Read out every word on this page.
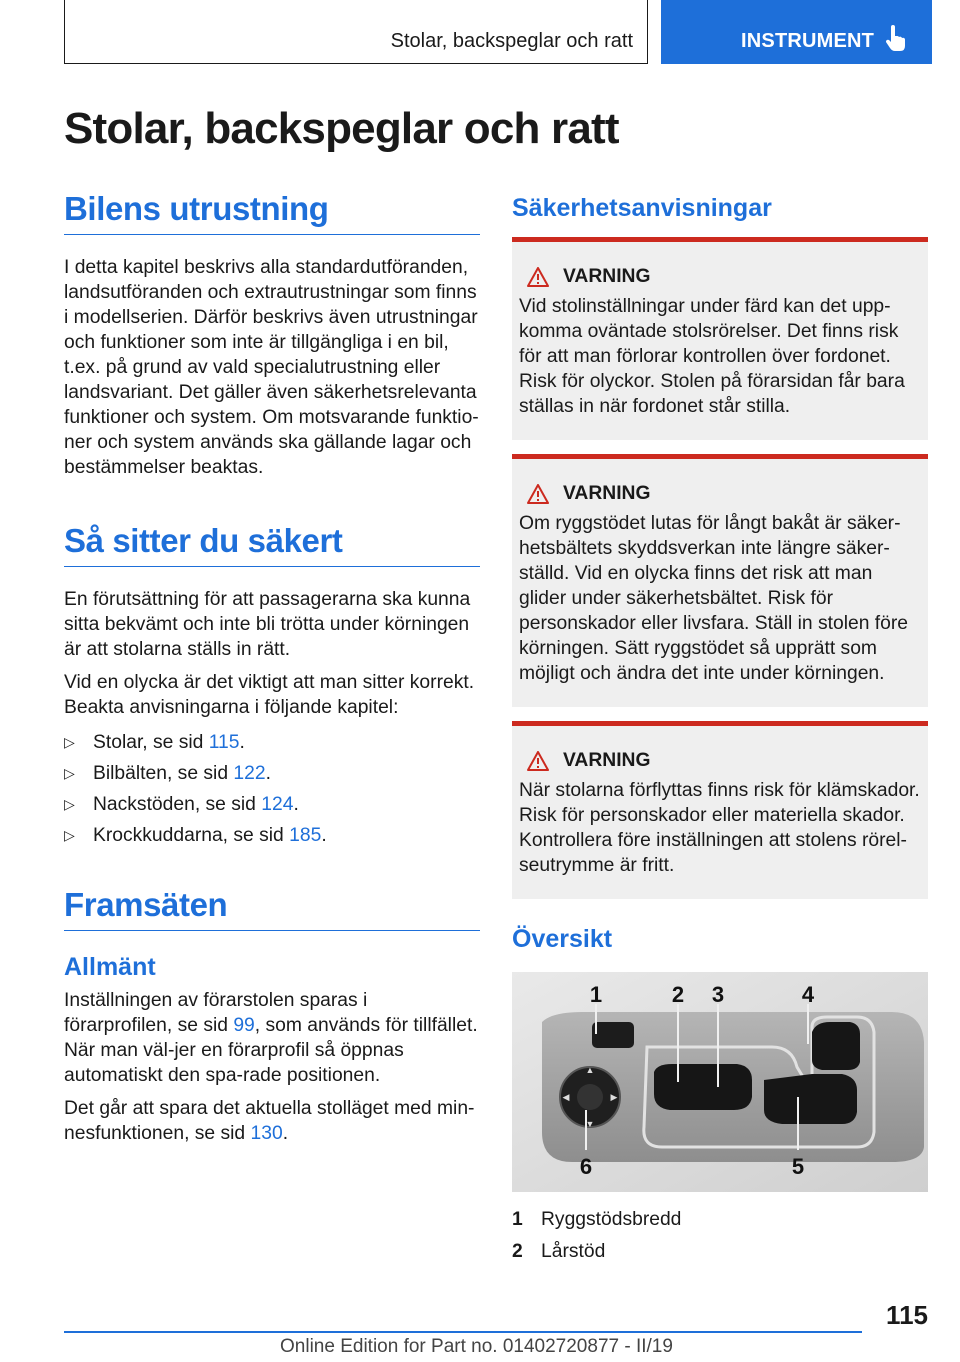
Stolar, backspeglar och ratt	INSTRUMENT
Stolar, backspeglar och ratt
Bilens utrustning

I detta kapitel beskrivs alla standardutföranden, landsutföranden och extrautrustningar som finns i modellserien. Därför beskrivs även utrustningar och funktioner som inte är tillgängliga i en bil, t.ex. på grund av vald specialutrustning eller landsvariant. Det gäller även säkerhetsrelevanta funktioner och system. Om motsvarande funktio‐ner och system används ska gällande lagar och bestämmelser beaktas.

Så sitter du säkert

En förutsättning för att passagerarna ska kunna sitta bekvämt och inte bli trötta under körningen är att stolarna ställs in rätt.

Vid en olycka är det viktigt att man sitter korrekt. Beakta anvisningarna i följande kapitel:

▷ Stolar, se sid 115.
▷ Bilbälten, se sid 122.
▷ Nackstöden, se sid 124.
▷ Krockkuddarna, se sid 185.
Framsäten
Allmänt

Inställningen av förarstolen sparas i förarprofilen, se sid 99, som används för tillfället. När man väl‐jer en förarprofil så öppnas automatiskt den spa‐rade positionen.

Det går att spara det aktuella stolläget med min‐nesfunktionen, se sid 130.

Säkerhetsanvisningar
VARNING

Vid stolinställningar under färd kan det upp‐komma oväntade stolsrörelser. Det finns risk för att man förlorar kontrollen över fordonet. Risk för olyckor. Stolen på förarsidan får bara ställas in när fordonet står stilla.

VARNING

Om ryggstödet lutas för långt bakåt är säker‐hetsbältets skyddsverkan inte längre säker‐ställd. Vid en olycka finns det risk att man glider under säkerhetsbältet. Risk för personskador eller livsfara. Ställ in stolen före körningen. Sätt ryggstödet så upprätt som möjligt och ändra det inte under körningen.

VARNING

När stolarna förflyttas finns risk för klämskador. Risk för personskador eller materiella skador. Kontrollera före inställningen att stolens rörel‐seutrymme är fritt.

Översikt
▲
▼
◀	▶
1	2 3	4
5
6
1 Ryggstödsbredd
2 Lårstöd
115
Online Edition for Part no. 01402720877 - II/19
